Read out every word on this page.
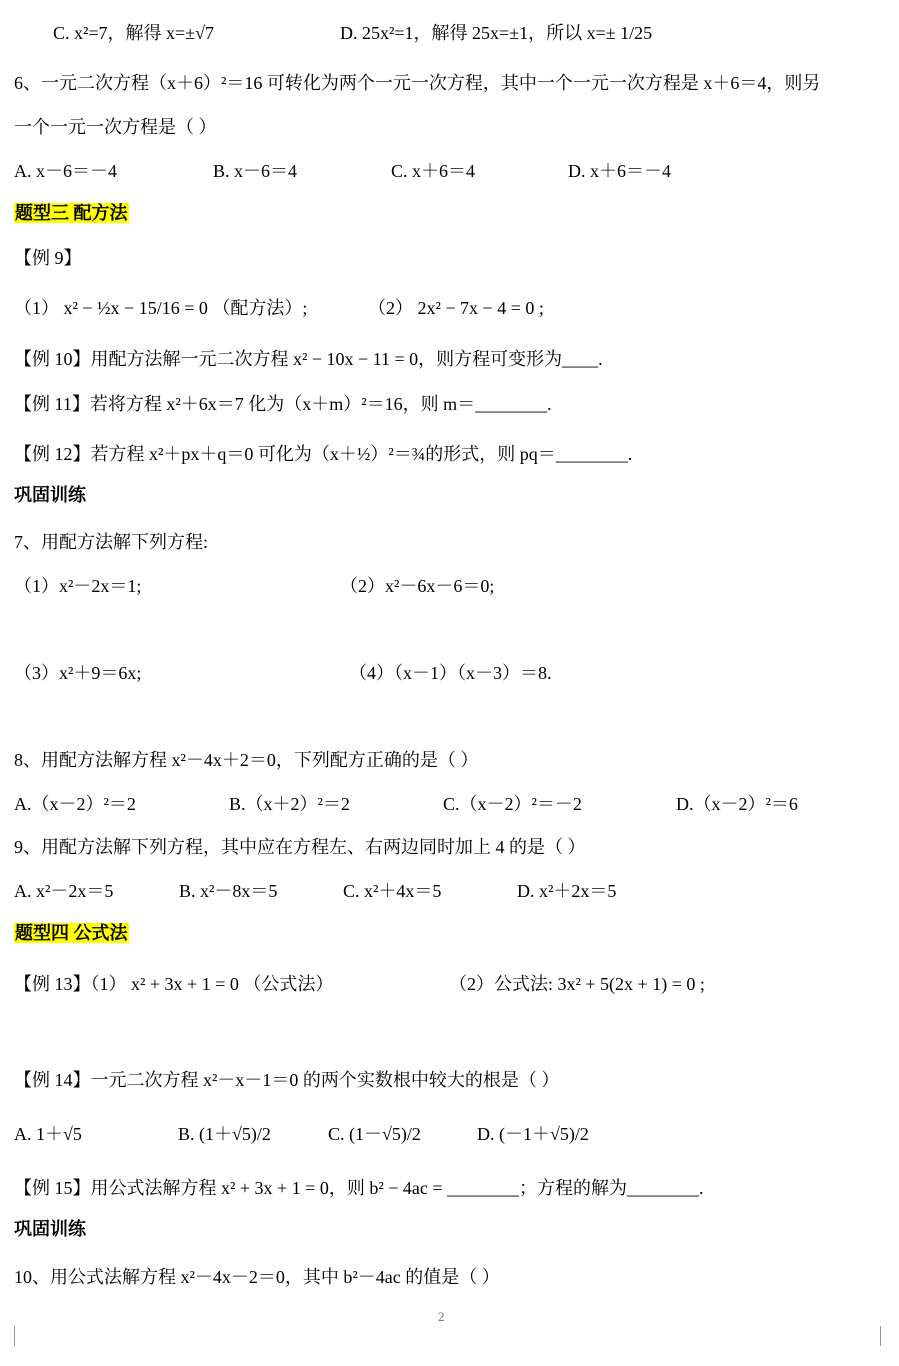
C. x²=7，解得 x=±√7	D. 25x²=1，解得 25x=±1，所以 x=± 1/25
6、一元二次方程（x＋6）²＝16 可转化为两个一元一次方程，其中一个一元一次方程是 x＋6＝4，则另
一个一元一次方程是（ ）
A. x－6＝－4	B. x－6＝4	C. x＋6＝4	D. x＋6＝－4
题型三 配方法
【例 9】
（1） x² − ½x − 15/16 = 0 （配方法）;	（2） 2x² − 7x − 4 = 0 ;
【例 10】用配方法解一元二次方程 x² − 10x − 11 = 0，则方程可变形为____.
【例 11】若将方程 x²＋6x＝7 化为（x＋m）²＝16，则 m＝________.
【例 12】若方程 x²＋px＋q＝0 可化为（x＋½）²＝¾的形式，则 pq＝________.
巩固训练
7、用配方法解下列方程:
（1）x²－2x＝1;	（2）x²－6x－6＝0;
（3）x²＋9＝6x;	（4）（x－1）（x－3）＝8.
8、用配方法解方程 x²－4x＋2＝0，下列配方正确的是（ ）
A.（x－2）²＝2	B.（x＋2）²＝2	C.（x－2）²＝－2	D.（x－2）²＝6
9、用配方法解下列方程，其中应在方程左、右两边同时加上 4 的是（ ）
A. x²－2x＝5	B. x²－8x＝5	C. x²＋4x＝5	D. x²＋2x＝5
题型四 公式法
【例 13】（1） x² + 3x + 1 = 0 （公式法）	（2）公式法: 3x² + 5(2x + 1) = 0 ;
【例 14】一元二次方程 x²－x－1＝0 的两个实数根中较大的根是（ ）
A. 1＋√5	B. (1＋√5)/2	C. (1－√5)/2	D. (－1＋√5)/2
【例 15】用公式法解方程 x² + 3x + 1 = 0，则 b² − 4ac = ________；方程的解为________.
巩固训练
10、用公式法解方程 x²－4x－2＝0，其中 b²－4ac 的值是（ ）
2
